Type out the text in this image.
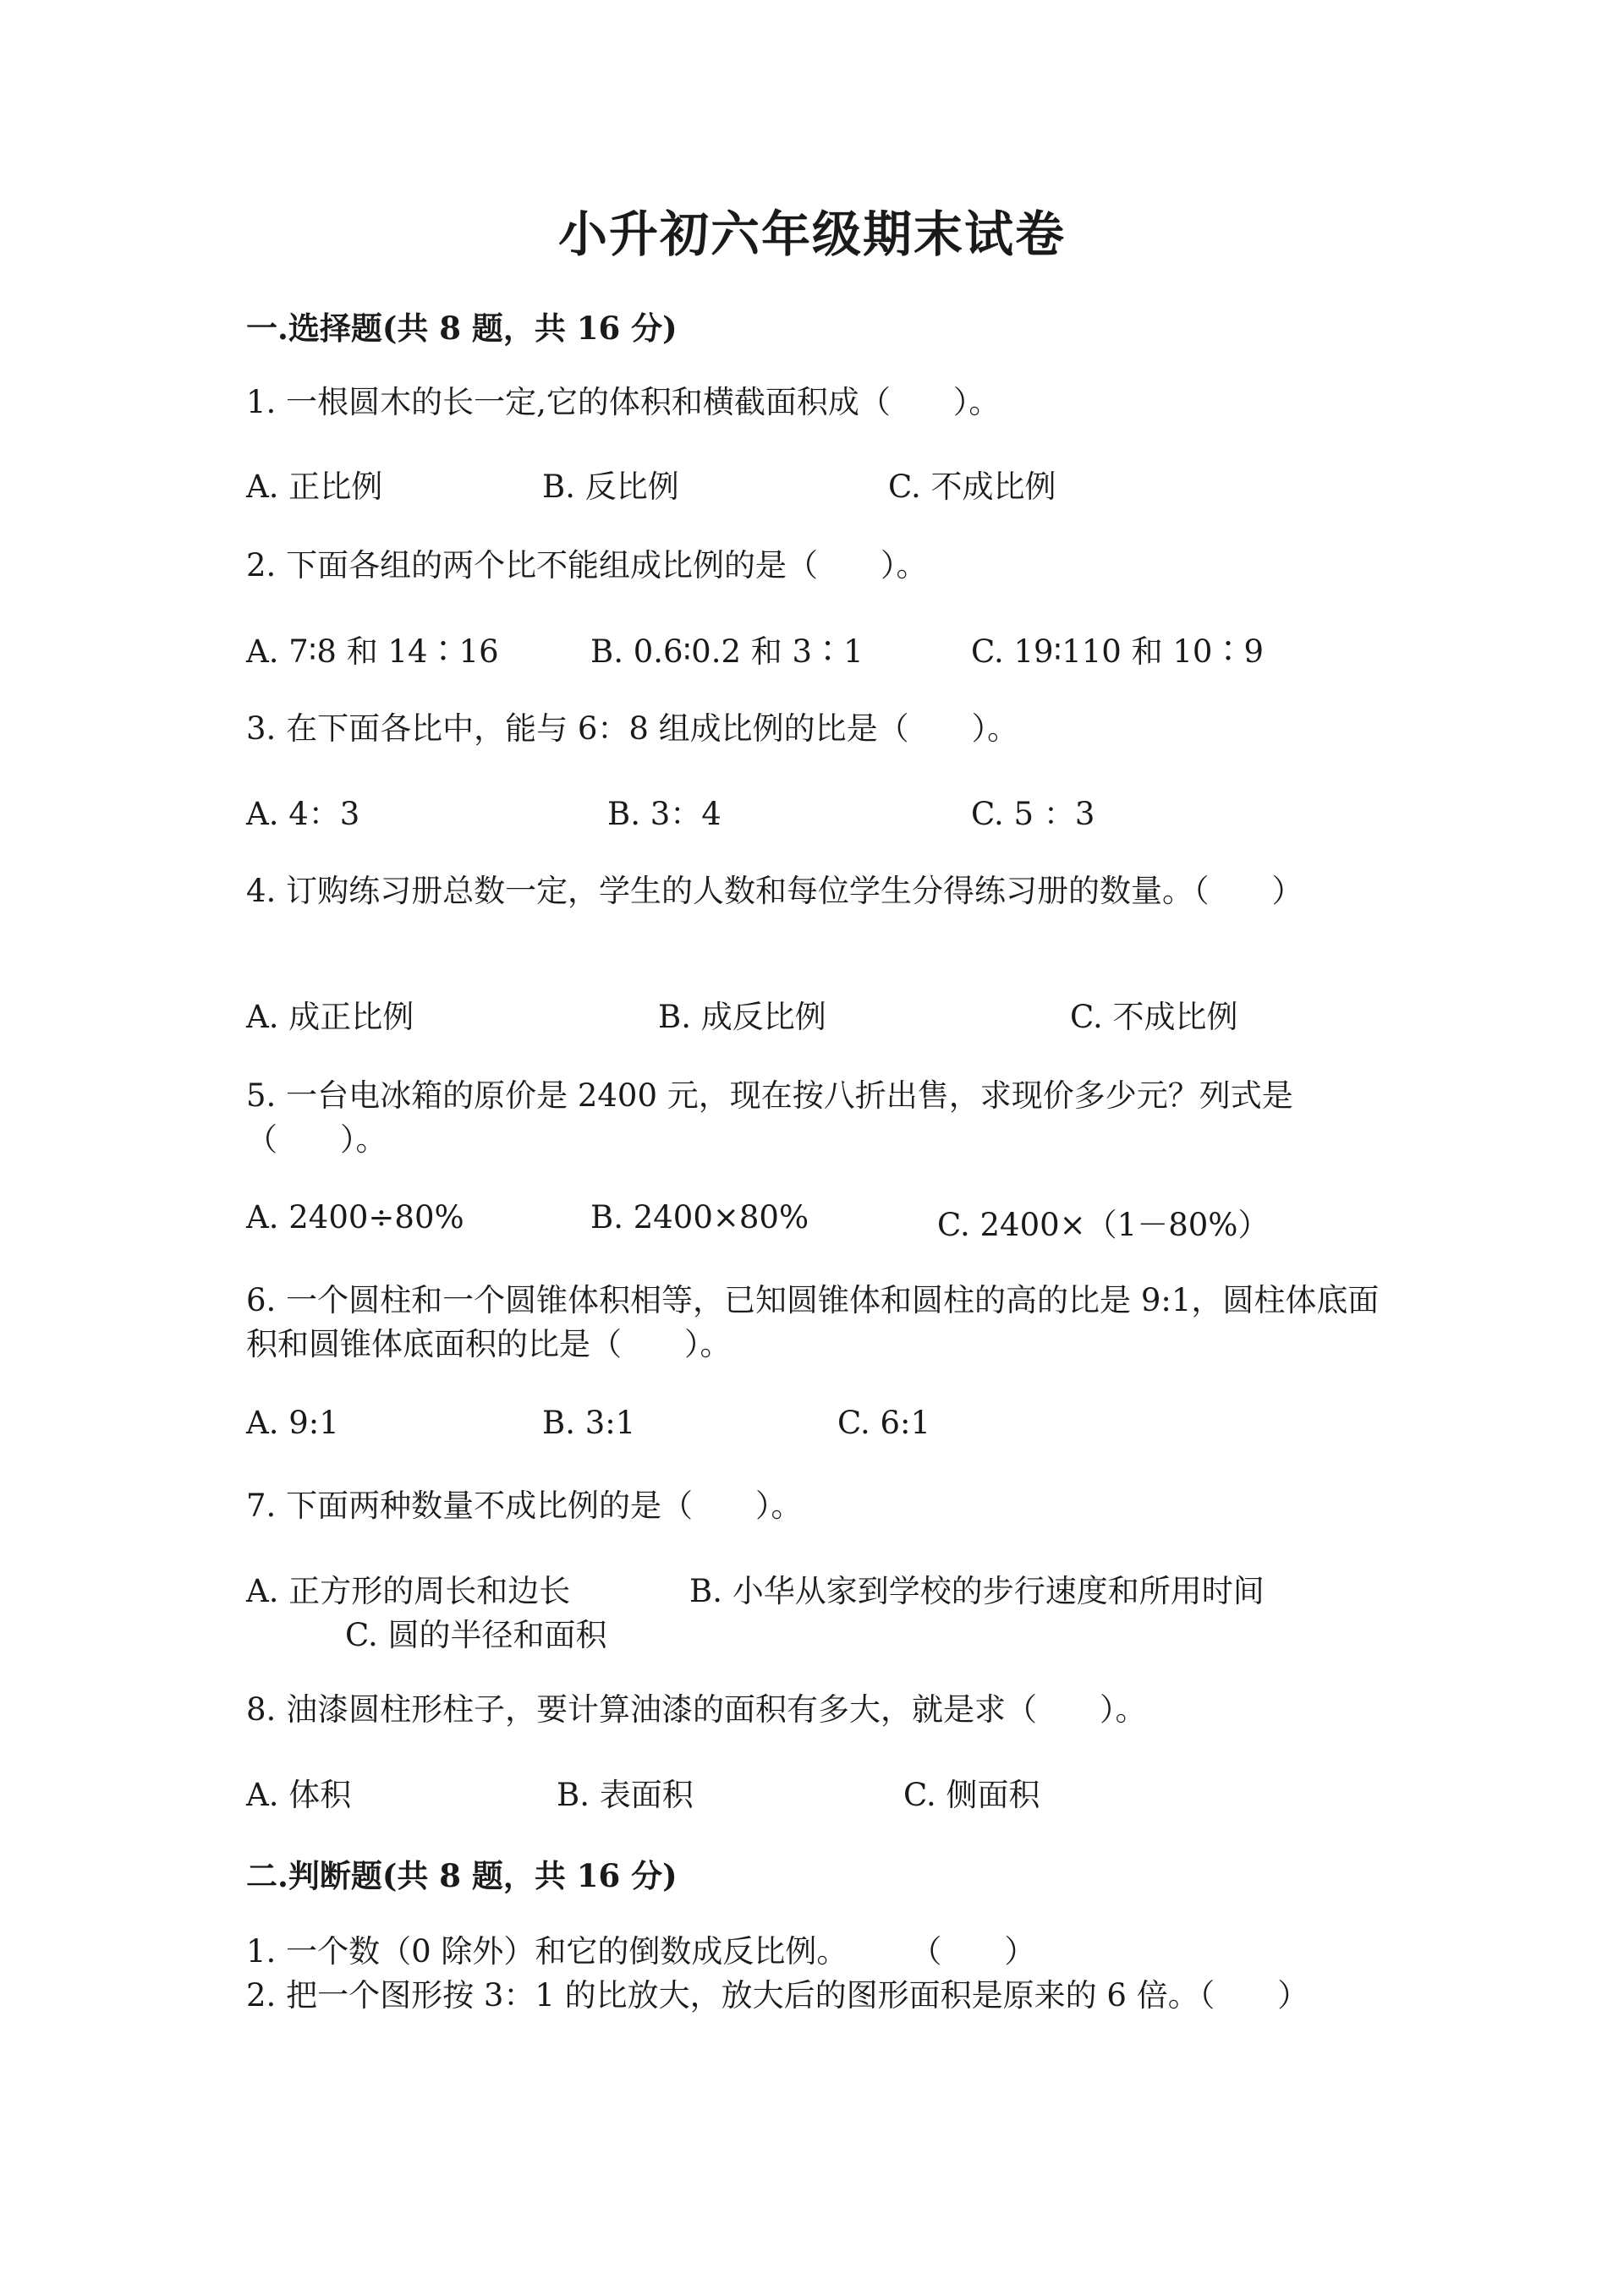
小升初六年级期末试卷
一.选择题(共 8 题，共 16 分)
1. 一根圆木的长一定,它的体积和横截面积成（　　）。
A. 正比例	B. 反比例	C. 不成比例
2. 下面各组的两个比不能组成比例的是（　　）。
A. 7∶8 和 14∶16	B. 0.6∶0.2 和 3∶1	C. 19∶110 和 10∶9
3. 在下面各比中，能与 6：8 组成比例的比是（　　）。
A. 4：3	B. 3：4	C. 5 ：3
4. 订购练习册总数一定，学生的人数和每位学生分得练习册的数量。（　　）
A. 成正比例	B. 成反比例	C. 不成比例
5. 一台电冰箱的原价是 2400 元，现在按八折出售，求现价多少元？列式是（　　）。
A. 2400÷80%	B. 2400×80%	C. 2400×（1－80%）
6. 一个圆柱和一个圆锥体积相等，已知圆锥体和圆柱的高的比是 9:1，圆柱体底面积和圆锥体底面积的比是（　　）。
A. 9:1	B. 3:1	C. 6:1
7. 下面两种数量不成比例的是（　　）。
A. 正方形的周长和边长	B. 小华从家到学校的步行速度和所用时间
C. 圆的半径和面积
8. 油漆圆柱形柱子，要计算油漆的面积有多大，就是求（　　）。
A. 体积	B. 表面积	C. 侧面积
二.判断题(共 8 题，共 16 分)
1. 一个数（0 除外）和它的倒数成反比例。　　　（　　）
2. 把一个图形按 3：1 的比放大，放大后的图形面积是原来的 6 倍。（　　）
